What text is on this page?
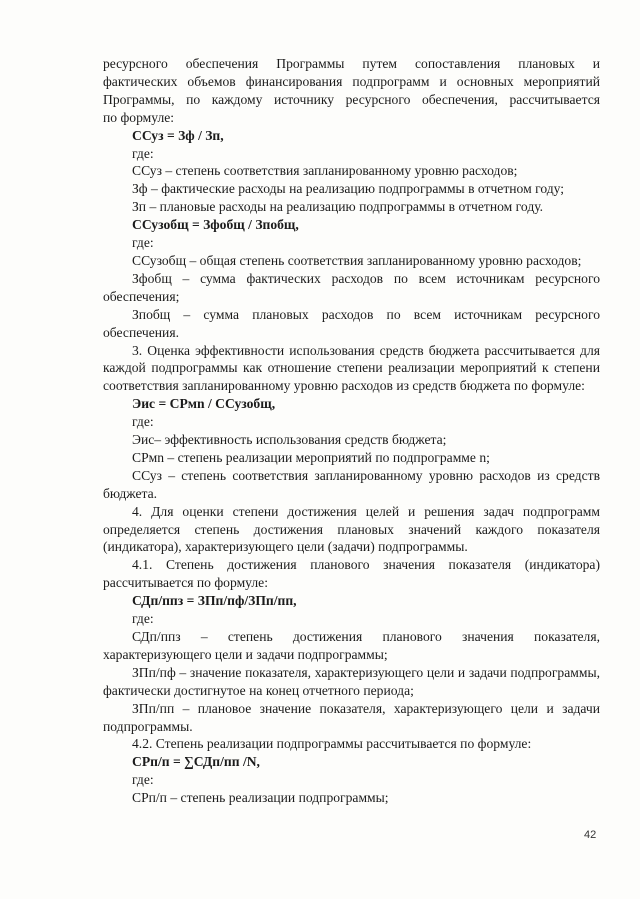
ресурсного обеспечения Программы путем сопоставления плановых и

фактических объемов финансирования подпрограмм и основных мероприятий

Программы, по каждому источнику ресурсного обеспечения, рассчитывается

по формуле:

ССуз = Зф / Зп,

где:

ССуз – степень соответствия запланированному уровню расходов;

Зф – фактические расходы на реализацию подпрограммы в отчетном году;

Зп – плановые расходы на реализацию подпрограммы в отчетном году.

ССузобщ = Зфобщ / Зпобщ,

где:

ССузобщ – общая степень соответствия запланированному уровню расходов;

Зфобщ – сумма фактических расходов по всем источникам ресурсного обеспечения;

Зпобщ – сумма плановых расходов по всем источникам ресурсного обеспечения.

3. Оценка эффективности использования средств бюджета рассчитывается для каждой подпрограммы как отношение степени реализации мероприятий к степени соответствия запланированному уровню расходов из средств бюджета по формуле:

Эис = СРмn / ССузобщ,

где:

Эис– эффективность использования средств бюджета;

СРмn – степень реализации мероприятий по подпрограмме n;

ССуз – степень соответствия запланированному уровню расходов из средств бюджета.

4. Для оценки степени достижения целей и решения задач подпрограмм определяется степень достижения плановых значений каждого показателя (индикатора), характеризующего цели (задачи) подпрограммы.

4.1. Степень достижения планового значения показателя (индикатора) рассчитывается по формуле:

СДп/ппз = ЗПп/пф/ЗПп/пп,

где:

СДп/ппз – степень достижения планового значения показателя, характеризующего цели и задачи подпрограммы;

ЗПп/пф – значение показателя, характеризующего цели и задачи подпрограммы, фактически достигнутое на конец отчетного периода;

ЗПп/пп – плановое значение показателя, характеризующего цели и задачи подпрограммы.

4.2. Степень реализации подпрограммы рассчитывается по формуле:

СРп/п = ∑СДп/пп /N,

где:

СРп/п – степень реализации подпрограммы;

42
